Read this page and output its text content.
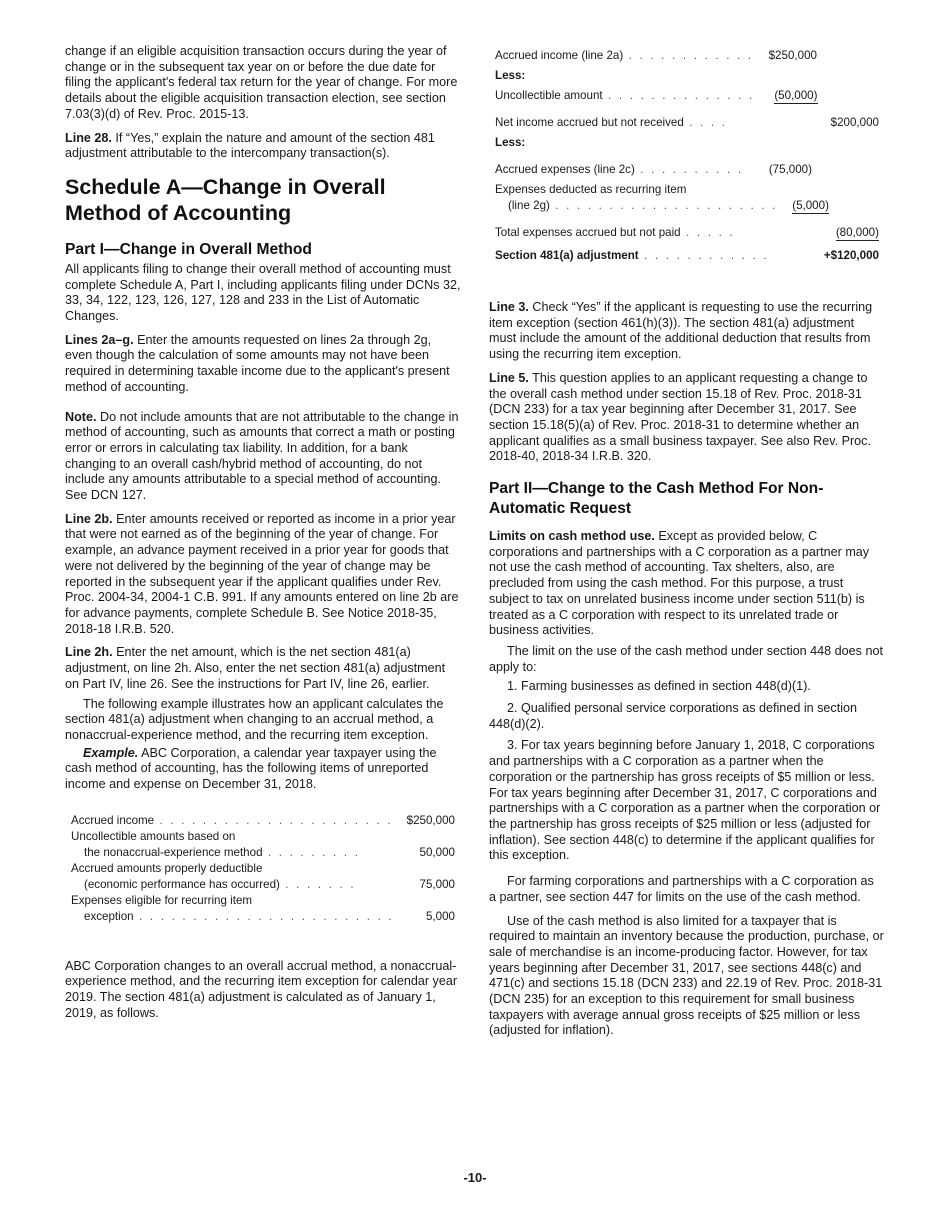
change if an eligible acquisition transaction occurs during the year of change or in the subsequent tax year on or before the due date for filing the applicant's federal tax return for the year of change. For more details about the eligible acquisition transaction election, see section 7.03(3)(d) of Rev. Proc. 2015-13.

Line 28. If “Yes,” explain the nature and amount of the section 481 adjustment attributable to the intercompany transaction(s).

Schedule A—Change in Overall Method of Accounting
Part I—Change in Overall Method

All applicants filing to change their overall method of accounting must complete Schedule A, Part I, including applicants filing under DCNs 32, 33, 34, 122, 123, 126, 127, 128 and 233 in the List of Automatic Changes.

Lines 2a–g. Enter the amounts requested on lines 2a through 2g, even though the calculation of some amounts may not have been required in determining taxable income due to the applicant's present method of accounting.

Note. Do not include amounts that are not attributable to the change in method of accounting, such as amounts that correct a math or posting error or errors in calculating tax liability. In addition, for a bank changing to an overall cash/hybrid method of accounting, do not include any amounts attributable to a special method of accounting. See DCN 127.

Line 2b. Enter amounts received or reported as income in a prior year that were not earned as of the beginning of the year of change. For example, an advance payment received in a prior year for goods that were not delivered by the beginning of the year of change may be reported in the subsequent year if the applicant qualifies under Rev. Proc. 2004-34, 2004-1 C.B. 991. If any amounts entered on line 2b are for advance payments, complete Schedule B. See Notice 2018-35, 2018-18 I.R.B. 520.

Line 2h. Enter the net amount, which is the net section 481(a) adjustment, on line 2h. Also, enter the net section 481(a) adjustment on Part IV, line 26. See the instructions for Part IV, line 26, earlier.

The following example illustrates how an applicant calculates the section 481(a) adjustment when changing to an accrual method, a nonaccrual-experience method, and the recurring item exception.

Example. ABC Corporation, a calendar year taxpayer using the cash method of accounting, has the following items of unreported income and expense on December 31, 2018.

Accrued income . . . . . . . . . . . . . . . . . . . . . .	$250,000
Uncollectible amounts based on
the nonaccrual-experience method . . . . . . . . .	50,000
Accrued amounts properly deductible
(economic performance has occurred) . . . . . . .	75,000
Expenses eligible for recurring item
exception . . . . . . . . . . . . . . . . . . . . . . . .	5,000

ABC Corporation changes to an overall accrual method, a nonaccrual-experience method, and the recurring item exception for calendar year 2019. The section 481(a) adjustment is calculated as of January 1, 2019, as follows.

Accrued income (line 2a) . . . . . . . . . . . .	$250,000
Less:
Uncollectible amount . . . . . . . . . . . . . .	(50,000)
Net income accrued but not received . . . .	$200,000
Less:
Accrued expenses (line 2c) . . . . . . . . . .	(75,000)
Expenses deducted as recurring item
(line 2g) . . . . . . . . . . . . . . . . . . . . .	(5,000)
Total expenses accrued but not paid . . . . .	(80,000)
Section 481(a) adjustment . . . . . . . . . . . .	+$120,000

Line 3. Check “Yes” if the applicant is requesting to use the recurring item exception (section 461(h)(3)). The section 481(a) adjustment must include the amount of the additional deduction that results from using the recurring item exception.

Line 5. This question applies to an applicant requesting a change to the overall cash method under section 15.18 of Rev. Proc. 2018-31 (DCN 233) for a tax year beginning after December 31, 2017. See section 15.18(5)(a) of Rev. Proc. 2018-31 to determine whether an applicant qualifies as a small business taxpayer. See also Rev. Proc. 2018-40, 2018-34 I.R.B. 320.

Part II—Change to the Cash Method For Non-Automatic Request

Limits on cash method use. Except as provided below, C corporations and partnerships with a C corporation as a partner may not use the cash method of accounting. Tax shelters, also, are precluded from using the cash method. For this purpose, a trust subject to tax on unrelated business income under section 511(b) is treated as a C corporation with respect to its unrelated trade or business activities.

The limit on the use of the cash method under section 448 does not apply to:

1. Farming businesses as defined in section 448(d)(1).
2. Qualified personal service corporations as defined in section 448(d)(2).
3. For tax years beginning before January 1, 2018, C corporations and partnerships with a C corporation as a partner when the corporation or the partnership has gross receipts of $5 million or less. For tax years beginning after December 31, 2017, C corporations and partnerships with a C corporation as a partner when the corporation or the partnership has gross receipts of $25 million or less (adjusted for inflation). See section 448(c) to determine if the applicant qualifies for this exception.

For farming corporations and partnerships with a C corporation as a partner, see section 447 for limits on the use of the cash method.

Use of the cash method is also limited for a taxpayer that is required to maintain an inventory because the production, purchase, or sale of merchandise is an income-producing factor. However, for tax years beginning after December 31, 2017, see sections 448(c) and 471(c) and sections 15.18 (DCN 233) and 22.19 of Rev. Proc. 2018-31 (DCN 235) for an exception to this requirement for small business taxpayers with average annual gross receipts of $25 million or less (adjusted for inflation).

-10-
